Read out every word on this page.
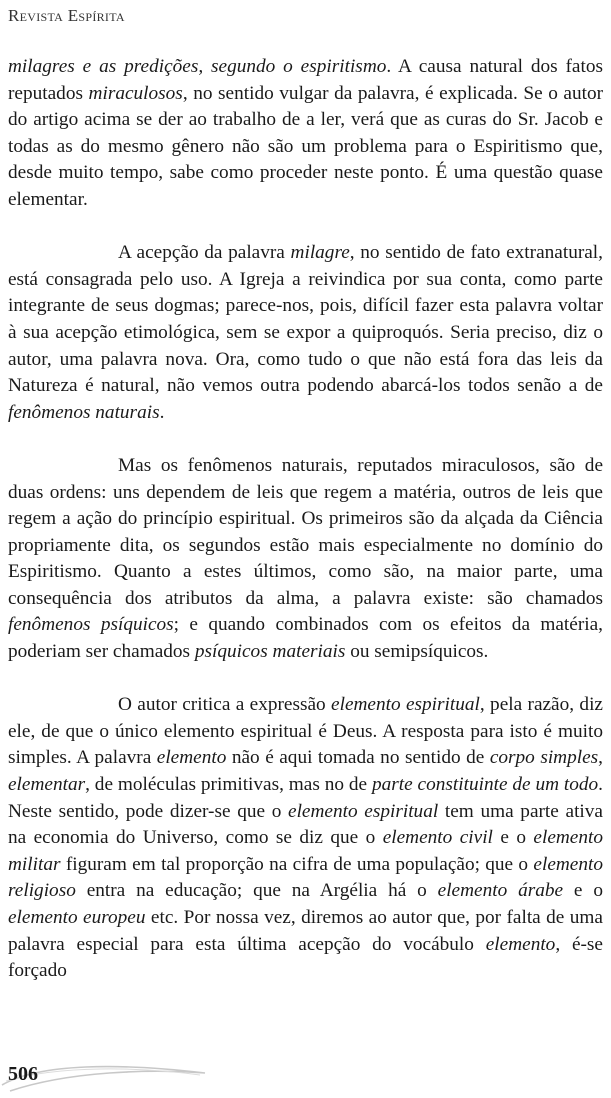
Revista Espírita

milagres e as predições, segundo o espiritismo. A causa natural dos fatos reputados miraculosos, no sentido vulgar da palavra, é explicada. Se o autor do artigo acima se der ao trabalho de a ler, verá que as curas do Sr. Jacob e todas as do mesmo gênero não são um problema para o Espiritismo que, desde muito tempo, sabe como proceder neste ponto. É uma questão quase elementar.

A acepção da palavra milagre, no sentido de fato extranatural, está consagrada pelo uso. A Igreja a reivindica por sua conta, como parte integrante de seus dogmas; parece-nos, pois, difícil fazer esta palavra voltar à sua acepção etimológica, sem se expor a quiproquós. Seria preciso, diz o autor, uma palavra nova. Ora, como tudo o que não está fora das leis da Natureza é natural, não vemos outra podendo abarcá-los todos senão a de fenômenos naturais.

Mas os fenômenos naturais, reputados miraculosos, são de duas ordens: uns dependem de leis que regem a matéria, outros de leis que regem a ação do princípio espiritual. Os primeiros são da alçada da Ciência propriamente dita, os segundos estão mais especialmente no domínio do Espiritismo. Quanto a estes últimos, como são, na maior parte, uma consequência dos atributos da alma, a palavra existe: são chamados fenômenos psíquicos; e quando combinados com os efeitos da matéria, poderiam ser chamados psíquicos materiais ou semipsíquicos.

O autor critica a expressão elemento espiritual, pela razão, diz ele, de que o único elemento espiritual é Deus. A resposta para isto é muito simples. A palavra elemento não é aqui tomada no sentido de corpo simples, elementar, de moléculas primitivas, mas no de parte constituinte de um todo. Neste sentido, pode dizer-se que o elemento espiritual tem uma parte ativa na economia do Universo, como se diz que o elemento civil e o elemento militar figuram em tal proporção na cifra de uma população; que o elemento religioso entra na educação; que na Argélia há o elemento árabe e o elemento europeu etc. Por nossa vez, diremos ao autor que, por falta de uma palavra especial para esta última acepção do vocábulo elemento, é-se forçado

506
